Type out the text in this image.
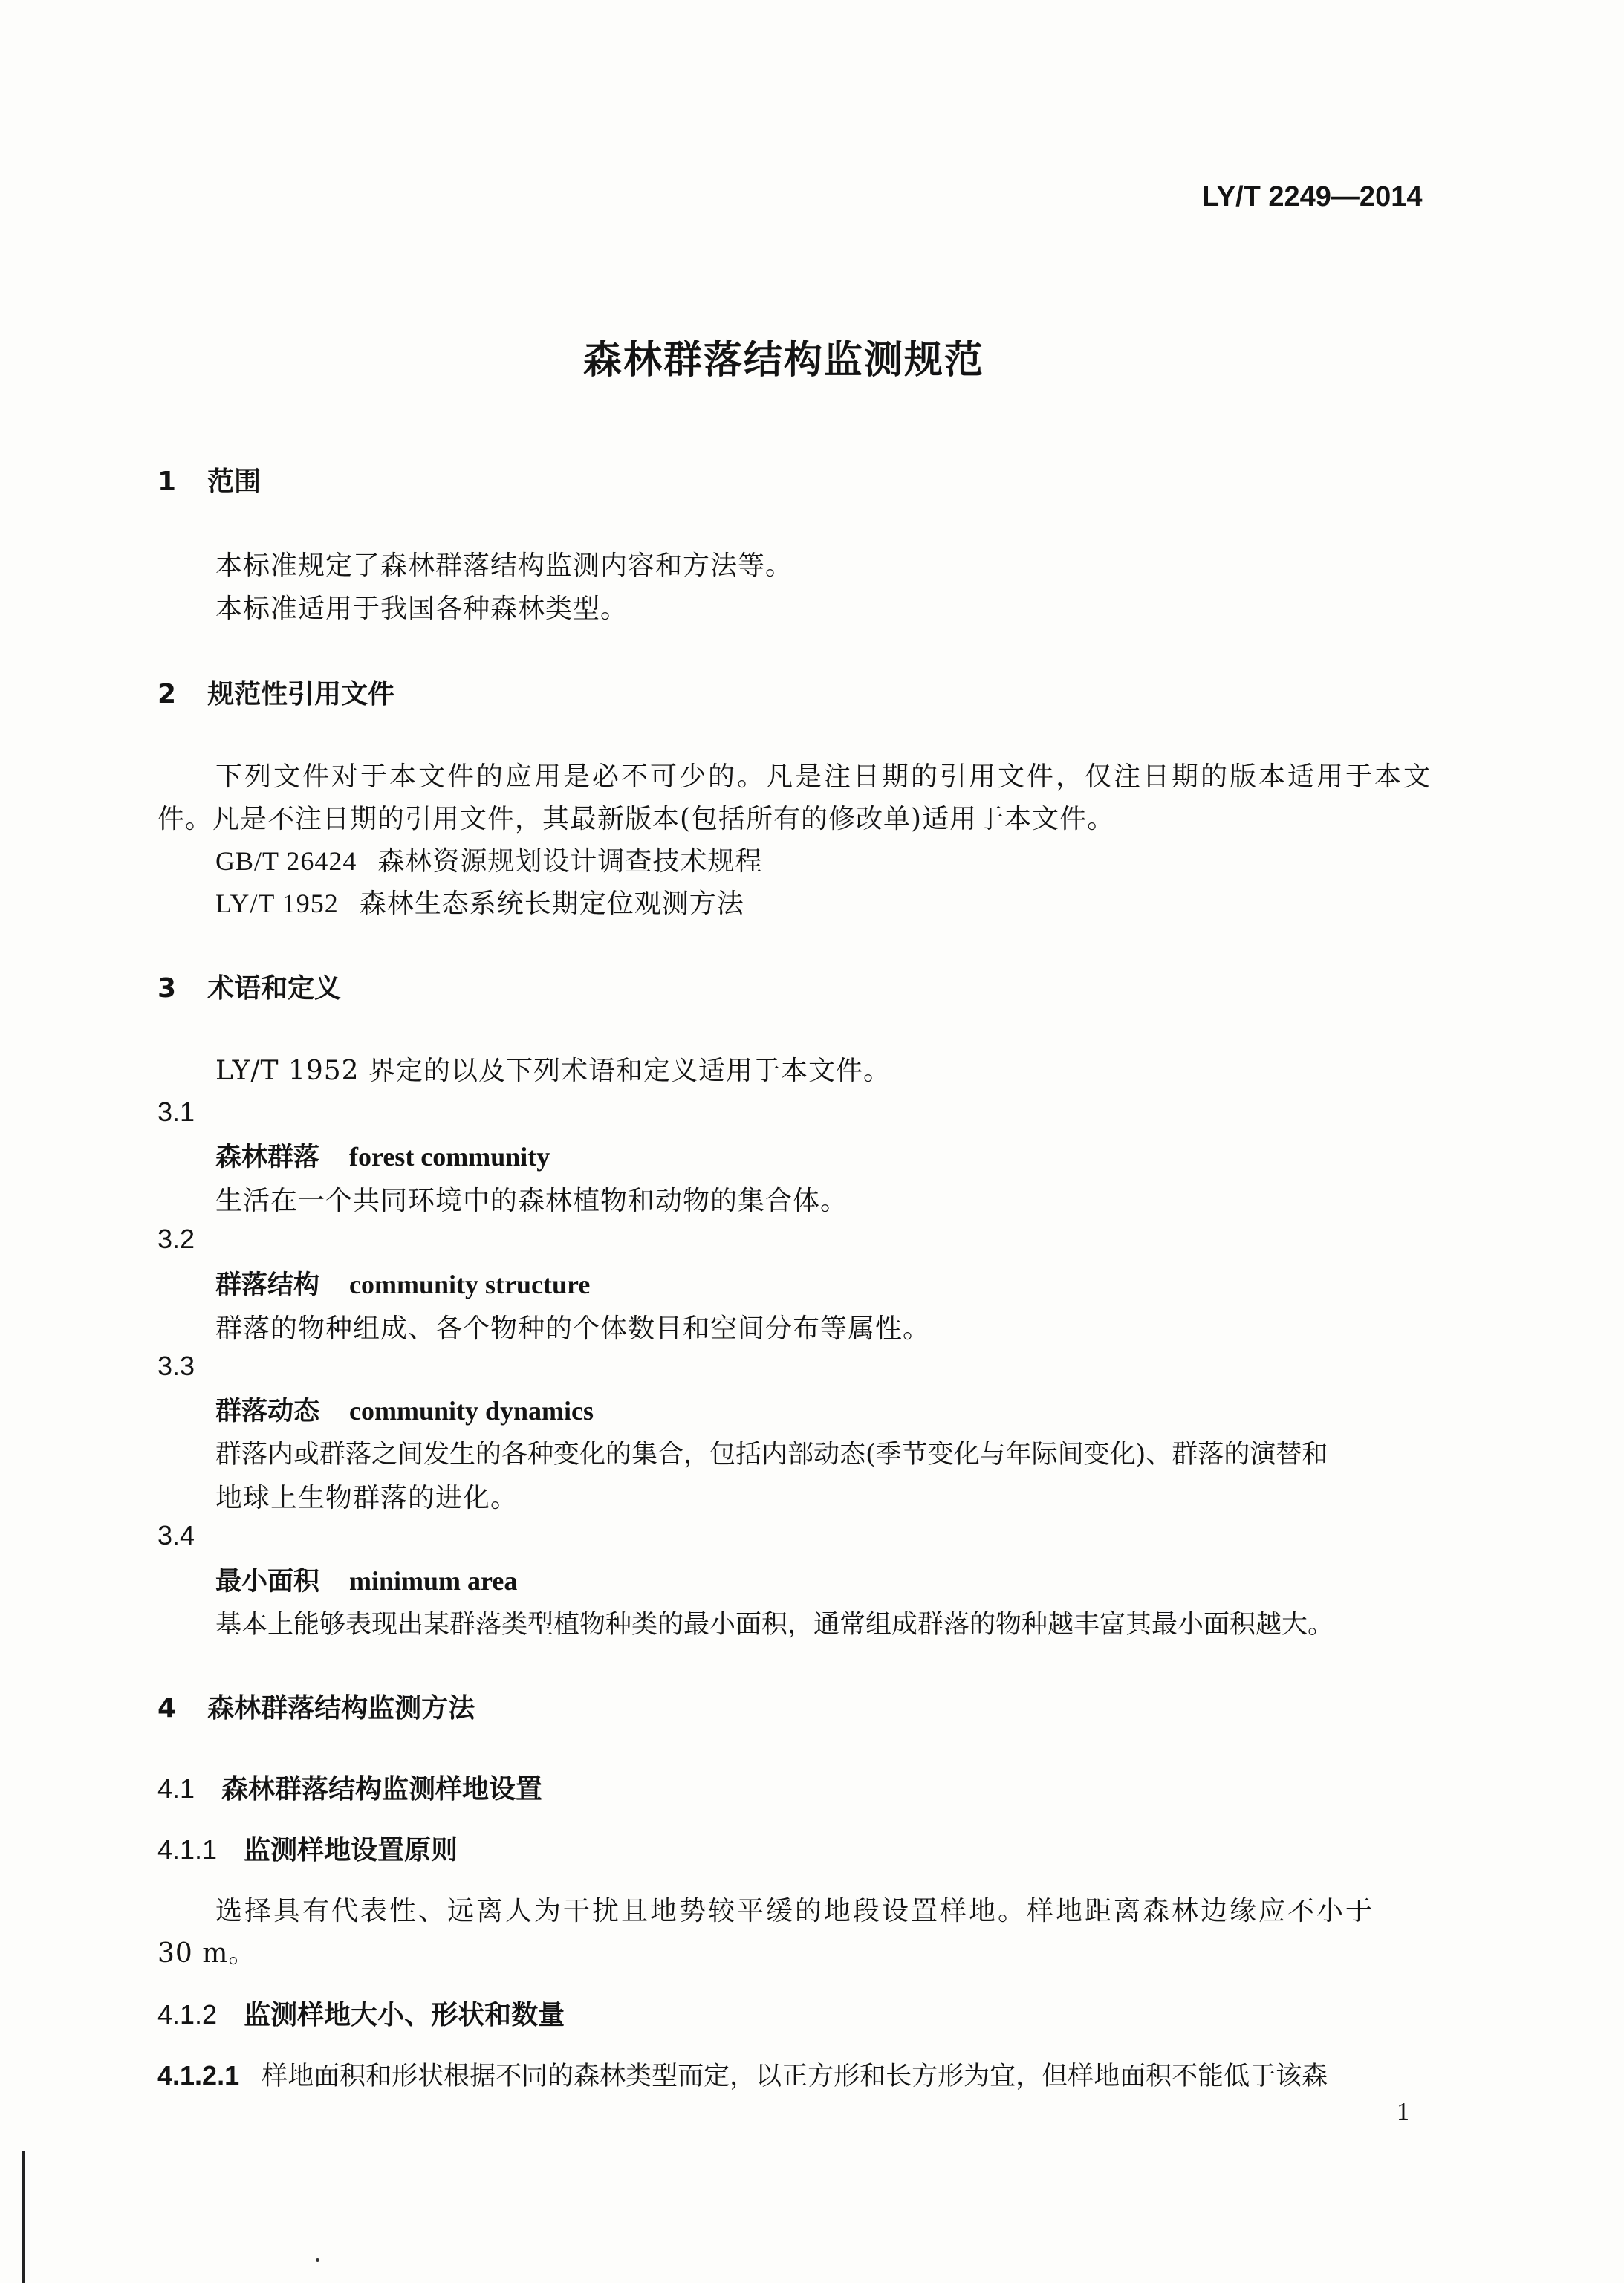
LY/T 2249—2014
森林群落结构监测规范
1 范围
本标准规定了森林群落结构监测内容和方法等。
本标准适用于我国各种森林类型。
2 规范性引用文件
下列文件对于本文件的应用是必不可少的。凡是注日期的引用文件，仅注日期的版本适用于本文
件。凡是不注日期的引用文件，其最新版本(包括所有的修改单)适用于本文件。
GB/T 26424 森林资源规划设计调查技术规程
LY/T 1952 森林生态系统长期定位观测方法
3 术语和定义
LY/T 1952 界定的以及下列术语和定义适用于本文件。
3.1
森林群落 forest community
生活在一个共同环境中的森林植物和动物的集合体。
3.2
群落结构 community structure
群落的物种组成、各个物种的个体数目和空间分布等属性。
3.3
群落动态 community dynamics
群落内或群落之间发生的各种变化的集合，包括内部动态(季节变化与年际间变化)、群落的演替和
地球上生物群落的进化。
3.4
最小面积 minimum area
基本上能够表现出某群落类型植物种类的最小面积，通常组成群落的物种越丰富其最小面积越大。
4 森林群落结构监测方法
4.1 森林群落结构监测样地设置
4.1.1 监测样地设置原则
选择具有代表性、远离人为干扰且地势较平缓的地段设置样地。样地距离森林边缘应不小于
30 m。
4.1.2 监测样地大小、形状和数量
4.1.2.1 样地面积和形状根据不同的森林类型而定，以正方形和长方形为宜，但样地面积不能低于该森
1
